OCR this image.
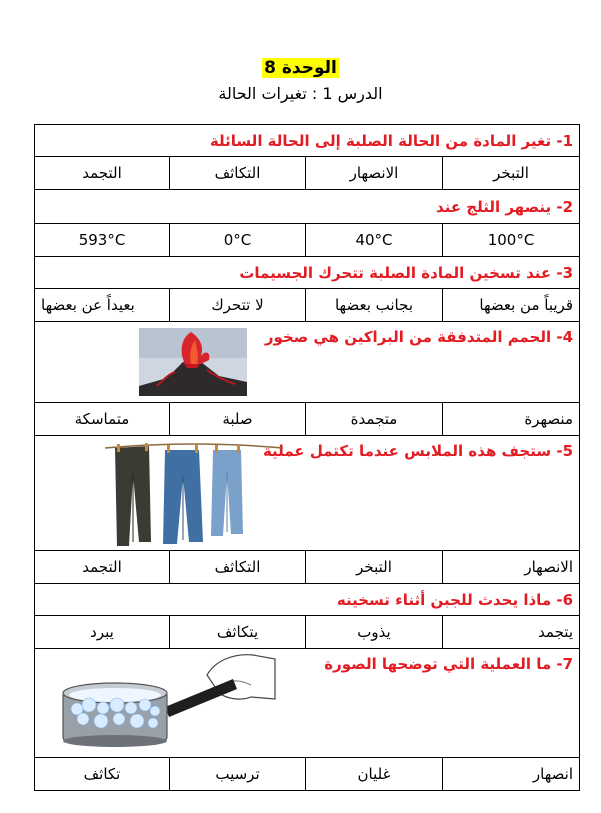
الوحدة 8
الدرس 1 : تغيرات الحالة
1- تغير المادة من الحالة الصلبة إلى الحالة السائلة			
التبخر	الانصهار	التكاثف	التجمد
2- ينصهر الثلج عند			
100°C	40°C	0°C	593°C
3- عند تسخين المادة الصلبة تتحرك الجسيمات			
قريباً من بعضها	بجانب بعضها	لا تتحرك	بعيداً عن بعضها

4- الحمم المتدفقة من البراكين هي صخور			

منصهرة	متجمدة	صلبة	متماسكة

5- ستجف هذه الملابس عندما تكتمل عملية			

الانصهار	التبخر	التكاثف	التجمد
6- ماذا يحدث للجبن أثناء تسخينه			
يتجمد	يذوب	يتكاثف	يبرد

7- ما العملية التي توضحها الصورة			

انصهار	غليان	ترسيب	تكاثف
